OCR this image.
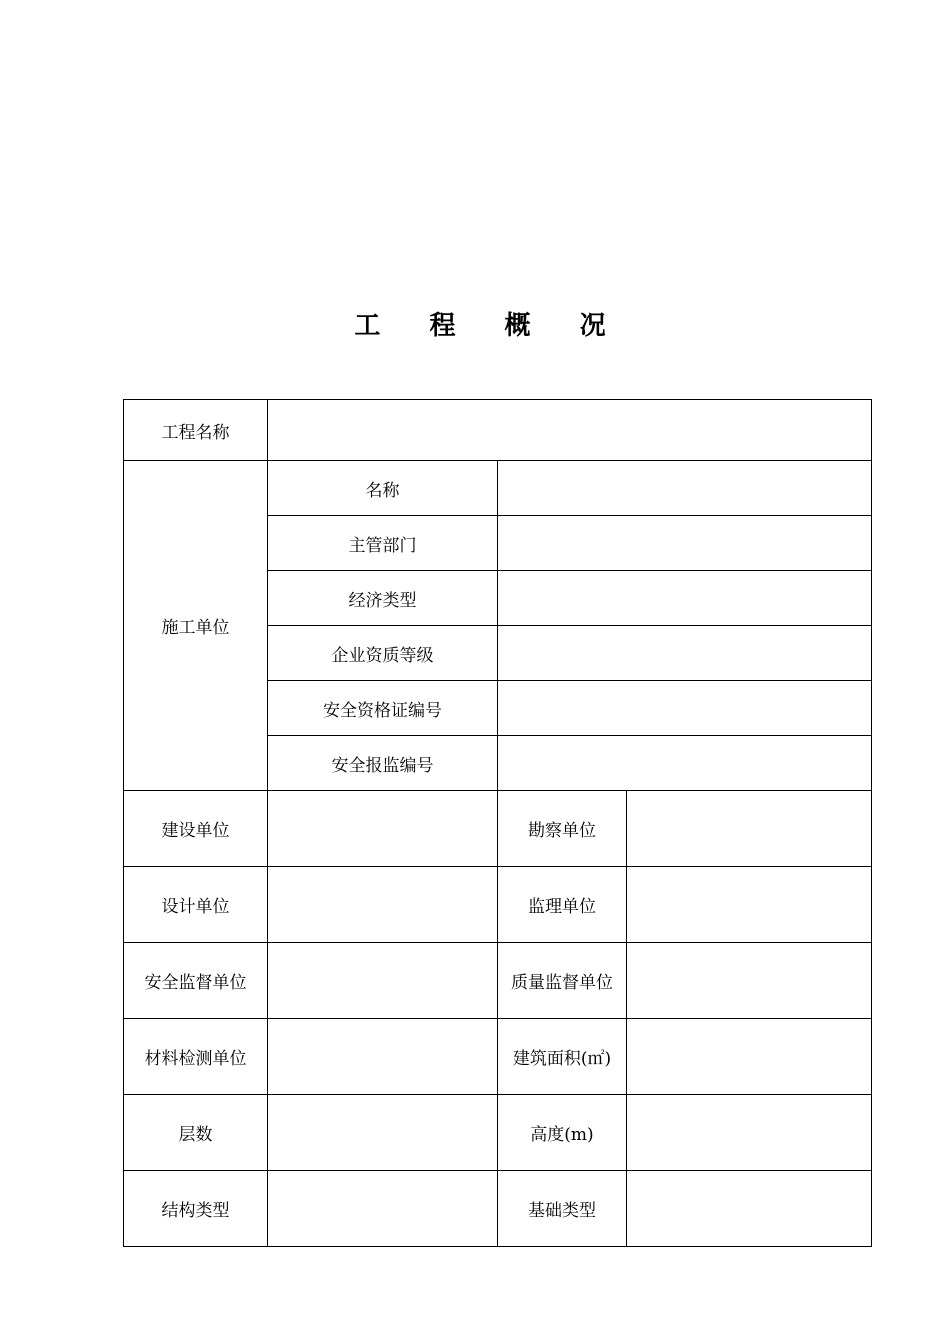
工 程 概 况
工程名称			
施工单位	名称		
	主管部门		
	经济类型		
	企业资质等级		
	安全资格证编号		
	安全报监编号		
建设单位		勘察单位	
设计单位		监理单位	
安全监督单位		质量监督单位	
材料检测单位		建筑面积(㎡)	
层数		高度(m)	
结构类型		基础类型	
